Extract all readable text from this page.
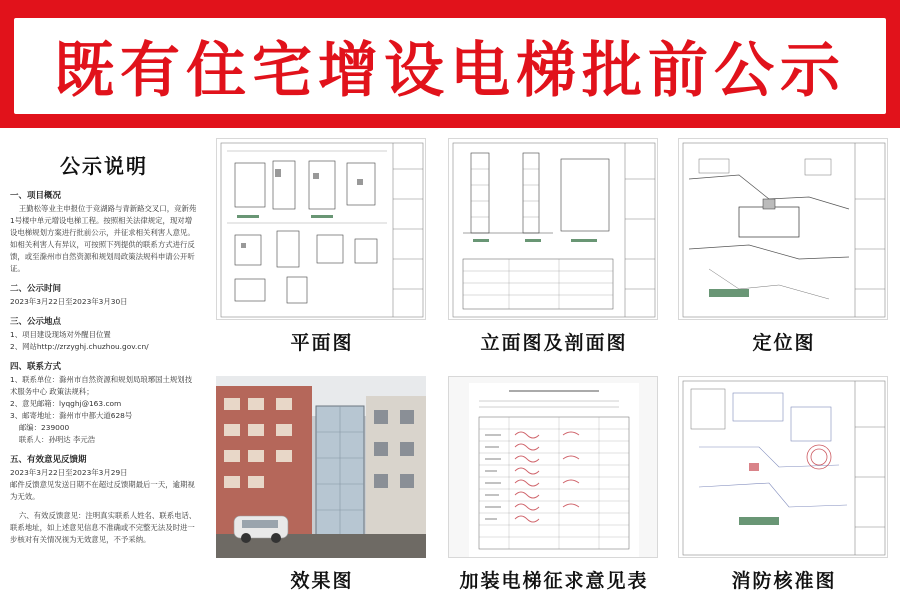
既有住宅增设电梯批前公示
公示说明
一、项目概况
王勤松等业主申报位于竞湖路与青新路交叉口，竞新苑1号楼中单元增设电梯工程。按照相关法律规定，现对增设电梯规划方案进行批前公示，并征求相关利害人意见。如相关利害人有异议，可按照下列提供的联系方式进行反馈，或至滁州市自然资源和规划局政策法规科申请公开听证。
二、公示时间
2023年3月22日至2023年3月30日
三、公示地点
1、项目建设现场对外醒目位置
2、网站http://zrzyghj.chuzhou.gov.cn/
四、联系方式
1、联系单位：滁州市自然资源和规划局琅琊国土规划技术服务中心 政策法规科；
2、意见邮箱：lyqghj@163.com
3、邮寄地址：滁州市中都大道628号
邮编：239000
联系人：孙明达 李元浩
五、有效意见反馈期
2023年3月22日至2023年3月29日
邮件反馈意见发送日期不在超过反馈期最后一天，逾期视为无效。
六、有效反馈意见：注明真实联系人姓名、联系电话、联系地址，如上述意见信息不准确或不完整无法及时进一步核对有关情况视为无效意见，不予采纳。
平面图	立面图及剖面图	定位图
效果图	加装电梯征求意见表	消防核准图
